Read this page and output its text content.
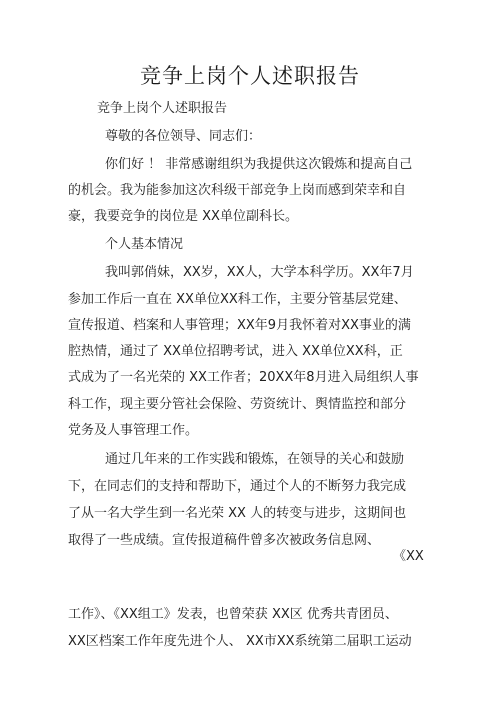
竞争上岗个人述职报告
竞争上岗个人述职报告
尊敬的各位领导、同志们：
你们好 ！ 非常感谢组织为我提供这次锻炼和提高自己
的机会。我为能参加这次科级干部竞争上岗而感到荣幸和自
豪，我要竞争的岗位是 XX单位副科长。
个人基本情况
我叫郭俏妹，XX岁，XX人，大学本科学历。XX年7月
参加工作后一直在 XX单位XX科工作，主要分管基层党建、
宣传报道、档案和人事管理；XX年9月我怀着对XX事业的满
腔热情，通过了 XX单位招聘考试，进入 XX单位XX科，正
式成为了一名光荣的 XX工作者；20XX年8月进入局组织人事
科工作，现主要分管社会保险、劳资统计、舆情监控和部分
党务及人事管理工作。
通过几年来的工作实践和锻炼，在领导的关心和鼓励
下，在同志们的支持和帮助下，通过个人的不断努力我完成
了从一名大学生到一名光荣 XX 人的转变与进步，这期间也
取得了一些成绩。宣传报道稿件曾多次被政务信息网、
《XX
工作》、《XX组工》发表，也曾荣获 XX区 优秀共青团员、
XX区档案工作年度先进个人、 XX市XX系统第二届职工运动
